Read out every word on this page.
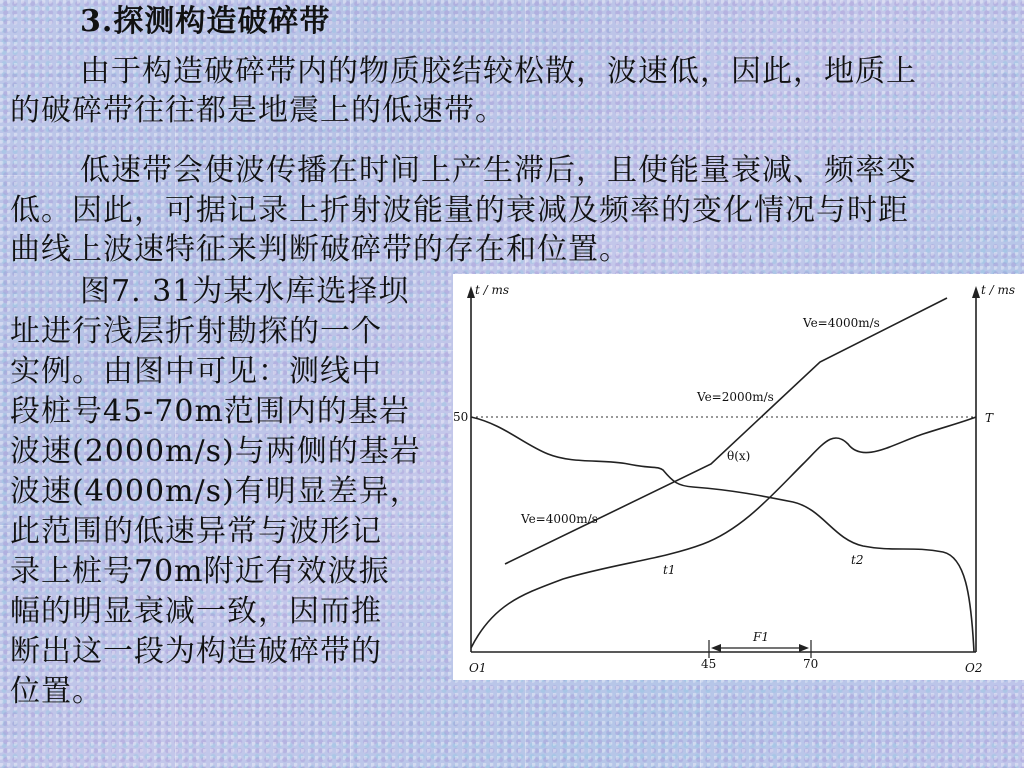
3.探测构造破碎带
由于构造破碎带内的物质胶结较松散，波速低，因此，地质上
的破碎带往往都是地震上的低速带。
低速带会使波传播在时间上产生滞后，且使能量衰减、频率变
低。因此，可据记录上折射波能量的衰减及频率的变化情况与时距
曲线上波速特征来判断破碎带的存在和位置。
图7. 31为某水库选择坝
址进行浅层折射勘探的一个
实例。由图中可见：测线中
段桩号45-70m范围内的基岩
波速(2000m/s)与两侧的基岩
波速(4000m/s)有明显差异，
此范围的低速异常与波形记
录上桩号70m附近有效波振
幅的明显衰减一致，因而推
断出这一段为构造破碎带的
位置。
t / ms	t / ms
50	T
Ve=4000m/s
Ve=2000m/s
Ve=4000m/s
θ(x)
t1
t2
F1
45	70
O1	O2
